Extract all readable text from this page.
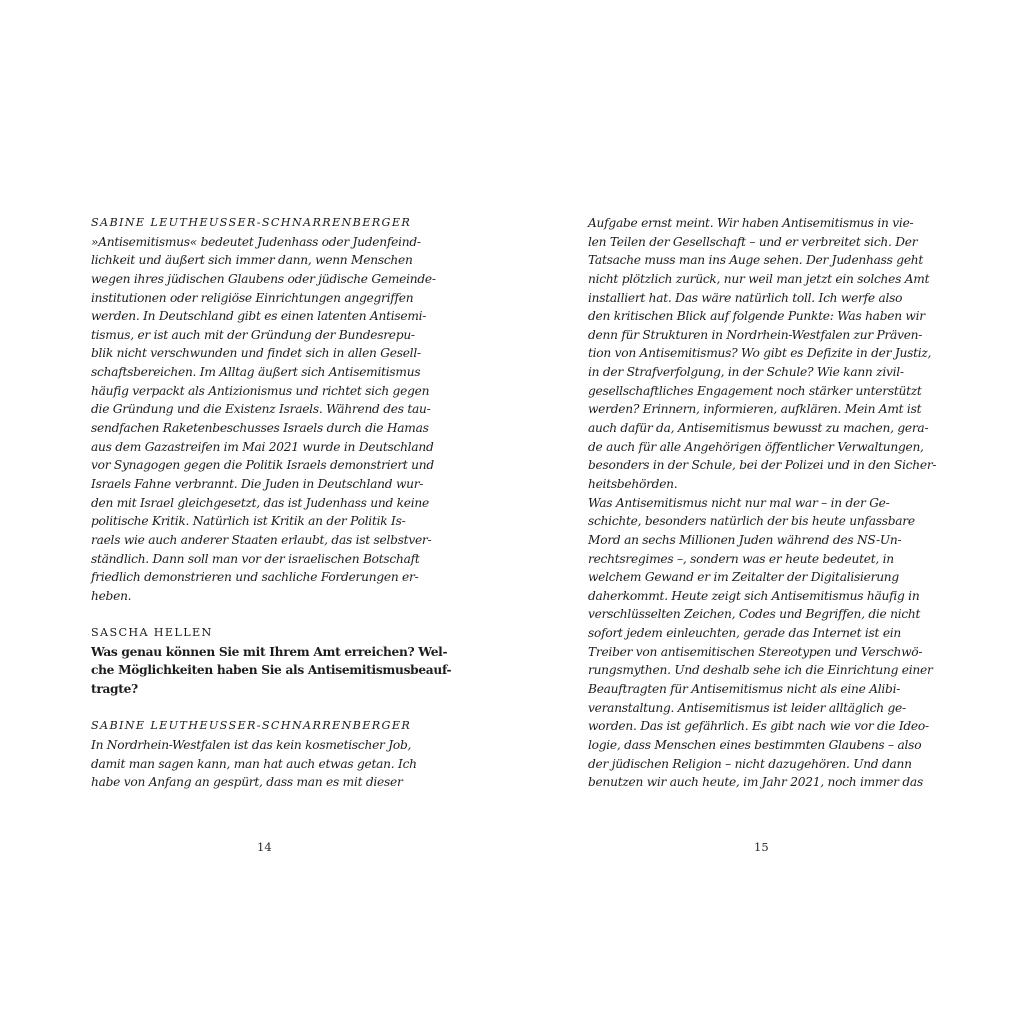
SABINE LEUTHEUSSER-SCHNARRENBERGER
»Antisemitismus« bedeutet Judenhass oder Judenfeind-
lichkeit und äußert sich immer dann, wenn Menschen
wegen ihres jüdischen Glaubens oder jüdische Gemeinde-
institutionen oder religiöse Einrichtungen angegriffen
werden. In Deutschland gibt es einen latenten Antisemi-
tismus, er ist auch mit der Gründung der Bundesrepu-
blik nicht verschwunden und findet sich in allen Gesell-
schaftsbereichen. Im Alltag äußert sich Antisemitismus
häufig verpackt als Antizionismus und richtet sich gegen
die Gründung und die Existenz Israels. Während des tau-
sendfachen Raketenbeschusses Israels durch die Hamas
aus dem Gazastreifen im Mai 2021 wurde in Deutschland
vor Synagogen gegen die Politik Israels demonstriert und
Israels Fahne verbrannt. Die Juden in Deutschland wur-
den mit Israel gleichgesetzt, das ist Judenhass und keine
politische Kritik. Natürlich ist Kritik an der Politik Is-
raels wie auch anderer Staaten erlaubt, das ist selbstver-
ständlich. Dann soll man vor der israelischen Botschaft
friedlich demonstrieren und sachliche Forderungen er-
heben.
SASCHA HELLEN
Was genau können Sie mit Ihrem Amt erreichen? Wel-
che Möglichkeiten haben Sie als Antisemitismusbeauf-
tragte?
SABINE LEUTHEUSSER-SCHNARRENBERGER
In Nordrhein-Westfalen ist das kein kosmetischer Job,
damit man sagen kann, man hat auch etwas getan. Ich
habe von Anfang an gespürt, dass man es mit dieser
Aufgabe ernst meint. Wir haben Antisemitismus in vie-
len Teilen der Gesellschaft – und er verbreitet sich. Der
Tatsache muss man ins Auge sehen. Der Judenhass geht
nicht plötzlich zurück, nur weil man jetzt ein solches Amt
installiert hat. Das wäre natürlich toll. Ich werfe also
den kritischen Blick auf folgende Punkte: Was haben wir
denn für Strukturen in Nordrhein-Westfalen zur Präven-
tion von Antisemitismus? Wo gibt es Defizite in der Justiz,
in der Strafverfolgung, in der Schule? Wie kann zivil-
gesellschaftliches Engagement noch stärker unterstützt
werden? Erinnern, informieren, aufklären. Mein Amt ist
auch dafür da, Antisemitismus bewusst zu machen, gera-
de auch für alle Angehörigen öffentlicher Verwaltungen,
besonders in der Schule, bei der Polizei und in den Sicher-
heitsbehörden.
Was Antisemitismus nicht nur mal war – in der Ge-
schichte, besonders natürlich der bis heute unfassbare
Mord an sechs Millionen Juden während des NS-Un-
rechtsregimes –, sondern was er heute bedeutet, in
welchem Gewand er im Zeitalter der Digitalisierung
daherkommt. Heute zeigt sich Antisemitismus häufig in
verschlüsselten Zeichen, Codes und Begriffen, die nicht
sofort jedem einleuchten, gerade das Internet ist ein
Treiber von antisemitischen Stereotypen und Verschwö-
rungsmythen. Und deshalb sehe ich die Einrichtung einer
Beauftragten für Antisemitismus nicht als eine Alibi-
veranstaltung. Antisemitismus ist leider alltäglich ge-
worden. Das ist gefährlich. Es gibt nach wie vor die Ideo-
logie, dass Menschen eines bestimmten Glaubens – also
der jüdischen Religion – nicht dazugehören. Und dann
benutzen wir auch heute, im Jahr 2021, noch immer das
14	15
